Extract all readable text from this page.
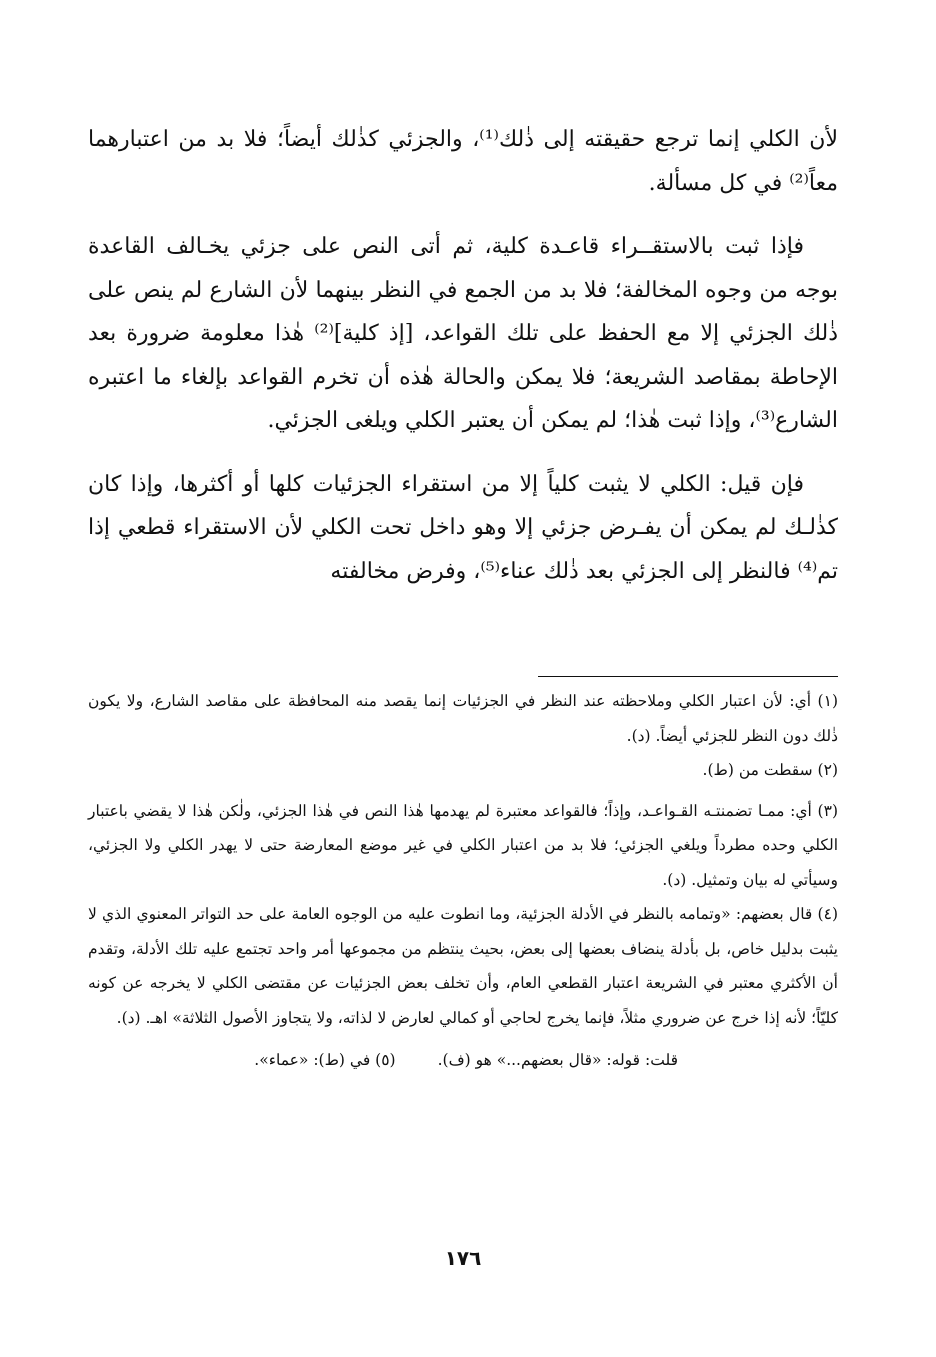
لأن الكلي إنما ترجع حقيقته إلى ذٰلك⁽¹⁾، والجزئي كذٰلك أيضاً؛ فلا بد من اعتبارهما معاً⁽²⁾ في كل مسألة.

فإذا ثبت بالاستقــراء قاعـدة كلية، ثم أتى النص على جزئي يخـالف القاعدة بوجه من وجوه المخالفة؛ فلا بد من الجمع في النظر بينهما لأن الشارع لم ينص على ذٰلك الجزئي إلا مع الحفظ على تلك القواعد، [إذ كلية]⁽²⁾ هٰذا معلومة ضرورة بعد الإحاطة بمقاصد الشريعة؛ فلا يمكن والحالة هٰذه أن تخرم القواعد بإلغاء ما اعتبره الشارع⁽³⁾، وإذا ثبت هٰذا؛ لم يمكن أن يعتبر الكلي ويلغى الجزئي.

فإن قيل: الكلي لا يثبت كلياً إلا من استقراء الجزئيات كلها أو أكثرها، وإذا كان كذٰلـك لم يمكن أن يفـرض جزئي إلا وهو داخل تحت الكلي لأن الاستقراء قطعي إذا تم⁽⁴⁾ فالنظر إلى الجزئي بعد ذٰلك عناء⁽⁵⁾، وفرض مخالفته

(١) أي: لأن اعتبار الكلي وملاحظته عند النظر في الجزئيات إنما يقصد منه المحافظة على مقاصد الشارع، ولا يكون ذٰلك دون النظر للجزئي أيضاً. (د).

(٢) سقطت من (ط).

(٣) أي: ممـا تضمنتـه القـواعـد، وإذاً؛ فالقواعد معتبرة لم يهدمها هٰذا النص في هٰذا الجزئي، ولٰكن هٰذا لا يقضي باعتبار الكلي وحده مطرداً ويلغي الجزئي؛ فلا بد من اعتبار الكلي في غير موضع المعارضة حتى لا يهدر الكلي ولا الجزئي، وسيأتي له بيان وتمثيل. (د).

(٤) قال بعضهم: «وتمامه بالنظر في الأدلة الجزئية، وما انطوت عليه من الوجوه العامة على حد التواتر المعنوي الذي لا يثبت بدليل خاص، بل بأدلة ينضاف بعضها إلى بعض، بحيث ينتظم من مجموعها أمر واحد تجتمع عليه تلك الأدلة، وتقدم أن الأكثري معتبر في الشريعة اعتبار القطعي العام، وأن تخلف بعض الجزئيات عن مقتضى الكلي لا يخرجه عن كونه كليّاً؛ لأنه إذا خرج عن ضروري مثلاً، فإنما يخرج لحاجي أو كمالي لعارض لا لذاته، ولا يتجاوز الأصول الثلاثة» اهـ. (د).

قلت: قوله: «قال بعضهم...» هو (ف).
(٥) في (ط): «عماء».
١٧٦
